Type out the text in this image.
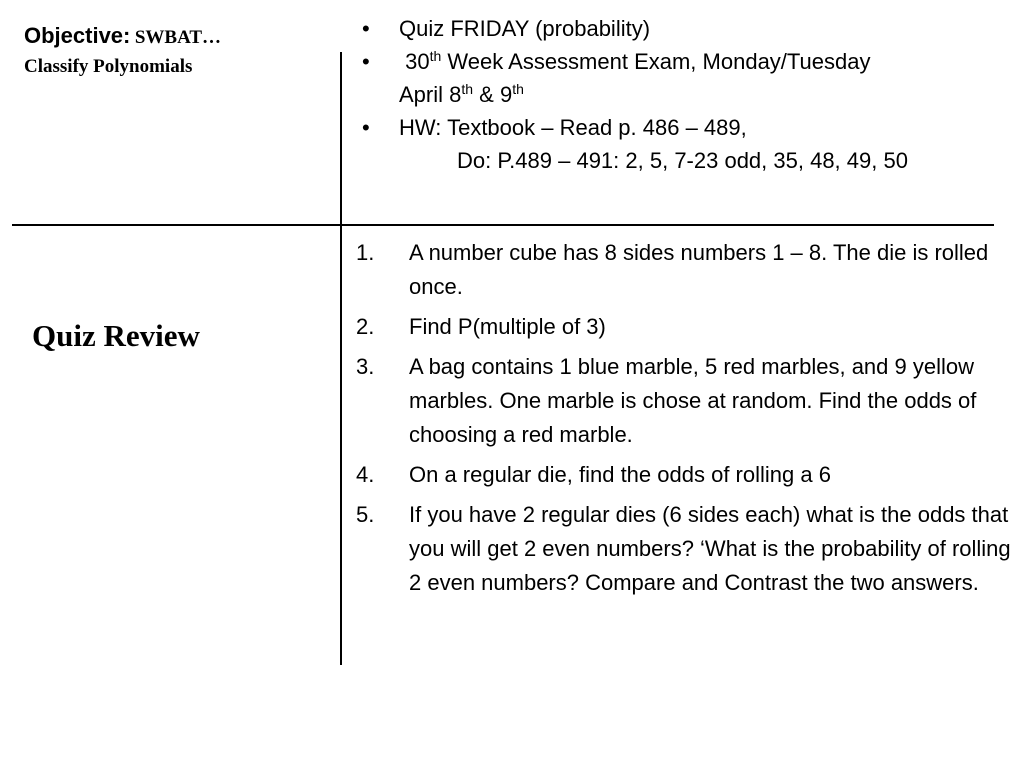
Objective: SWBAT…
Classify Polynomials
Quiz Review
• Quiz FRIDAY (probability)
• 30th Week Assessment Exam, Monday/Tuesday
April 8th & 9th
• HW: Textbook – Read p. 486 – 489,
Do: P.489 – 491: 2, 5, 7-23 odd, 35, 48, 49, 50
1. A number cube has 8 sides numbers 1 – 8. The die is rolled once.
2. Find P(multiple of 3)
3. A bag contains 1 blue marble, 5 red marbles, and 9 yellow marbles. One marble is chose at random. Find the odds of choosing a red marble.
4. On a regular die, find the odds of rolling a 6
5. If you have 2 regular dies (6 sides each) what is the odds that you will get 2 even numbers? ‘What is the probability of rolling 2 even numbers? Compare and Contrast the two answers.
